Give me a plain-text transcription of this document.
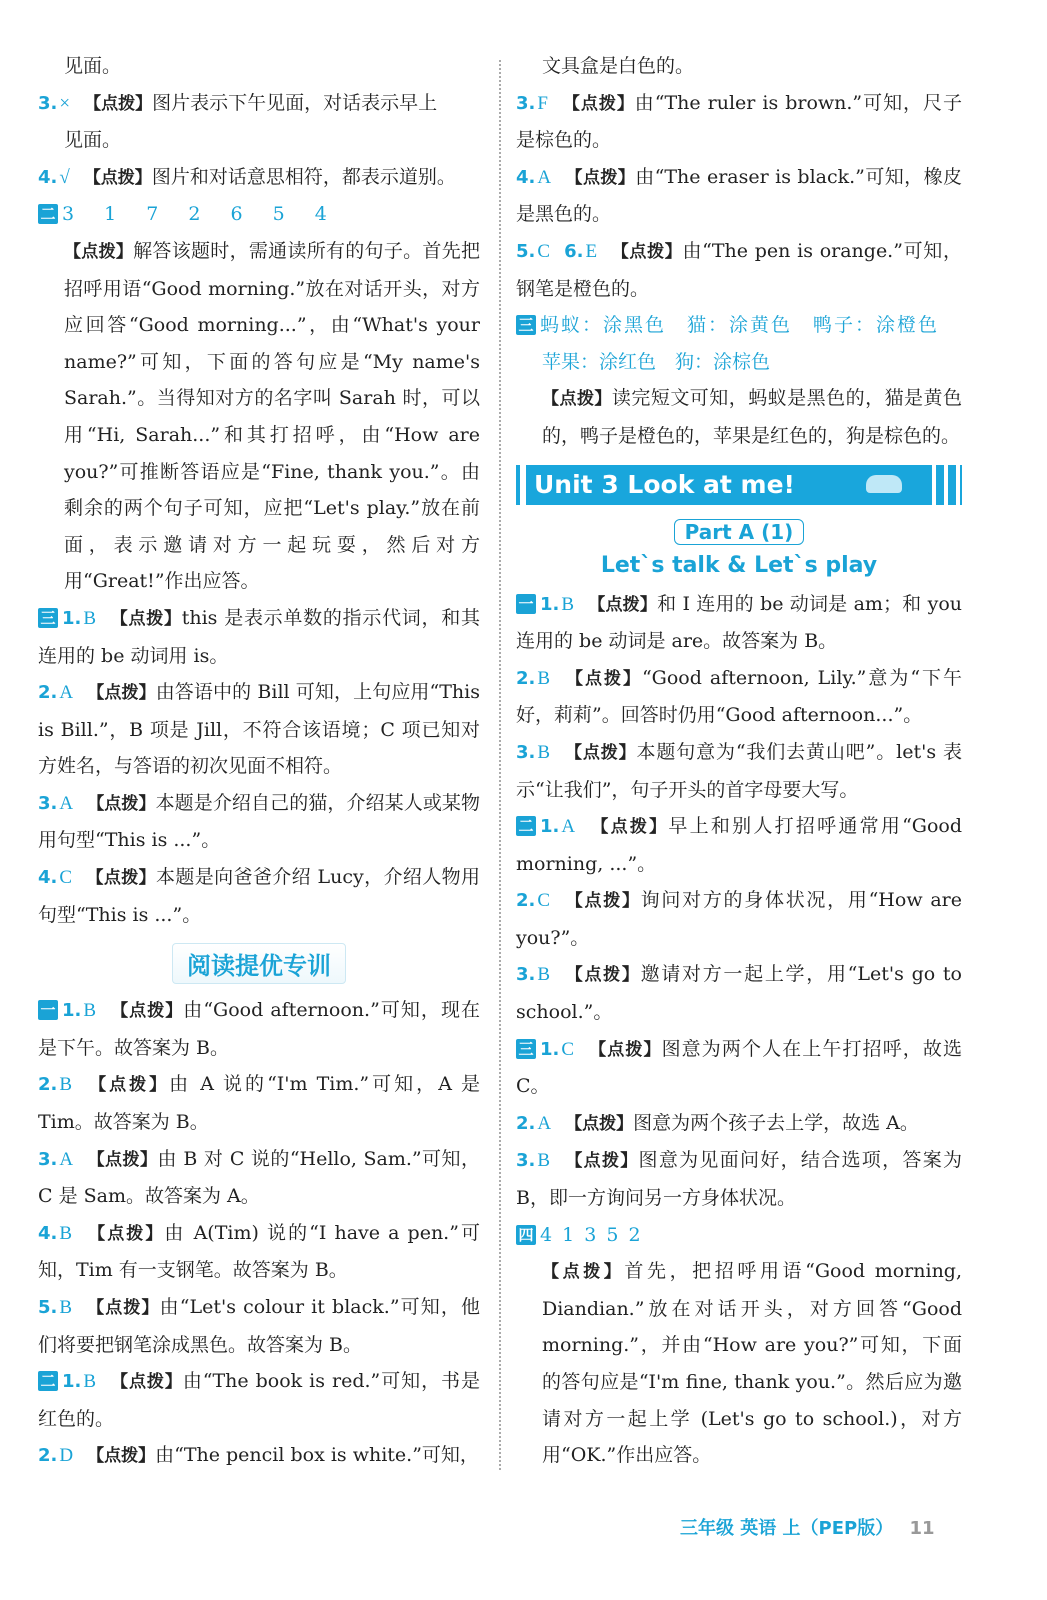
见面。

3. × 【点拨】图片表示下午见面，对话表示早上

见面。

4. √ 【点拨】图片和对话意思相符，都表示道别。

二 3 1 7 2 6 5 4

【点拨】解答该题时，需通读所有的句子。首先把招呼用语“Good morning.”放在对话开头，对方应回答“Good morning...”，由“What's your name?”可知，下面的答句应是“My name's Sarah.”。当得知对方的名字叫 Sarah 时，可以用“Hi, Sarah...”和其打招呼，由“How are you?”可推断答语应是“Fine, thank you.”。由剩余的两个句子可知，应把“Let's play.”放在前面，表示邀请对方一起玩耍，然后对方用“Great!”作出应答。

三 1. B 【点拨】this 是表示单数的指示代词，和其连用的 be 动词用 is。

2. A 【点拨】由答语中的 Bill 可知，上句应用“This is Bill.”，B 项是 Jill，不符合该语境；C 项已知对方姓名，与答语的初次见面不相符。

3. A 【点拨】本题是介绍自己的猫，介绍某人或某物用句型“This is ...”。

4. C 【点拨】本题是向爸爸介绍 Lucy，介绍人物用句型“This is ...”。

阅读提优专训

一 1. B 【点拨】由“Good afternoon.”可知，现在是下午。故答案为 B。

2. B 【点拨】由 A 说的“I'm Tim.”可知，A 是 Tim。故答案为 B。

3. A 【点拨】由 B 对 C 说的“Hello, Sam.”可知，C 是 Sam。故答案为 A。

4. B 【点拨】由 A(Tim) 说的“I have a pen.”可知，Tim 有一支钢笔。故答案为 B。

5. B 【点拨】由“Let's colour it black.”可知，他们将要把钢笔涂成黑色。故答案为 B。

二 1. B 【点拨】由“The book is red.”可知，书是红色的。

2. D 【点拨】由“The pencil box is white.”可知，

文具盒是白色的。

3. F 【点拨】由“The ruler is brown.”可知，尺子是棕色的。

4. A 【点拨】由“The eraser is black.”可知，橡皮是黑色的。

5. C 6. E 【点拨】由“The pen is orange.”可知，钢笔是橙色的。

三 蚂蚁：涂黑色　猫：涂黄色　鸭子：涂橙色

苹果：涂红色　狗：涂棕色

【点拨】读完短文可知，蚂蚁是黑色的，猫是黄色的，鸭子是橙色的，苹果是红色的，狗是棕色的。

Unit 3 Look at me!
Part A (1)
Let`s talk & Let`s play

一 1. B 【点拨】和 I 连用的 be 动词是 am；和 you 连用的 be 动词是 are。故答案为 B。

2. B 【点拨】“Good afternoon, Lily.”意为“下午好，莉莉”。回答时仍用“Good afternoon...”。

3. B 【点拨】本题句意为“我们去黄山吧”。let's 表示“让我们”，句子开头的首字母要大写。

二 1. A 【点拨】早上和别人打招呼通常用“Good morning, ...”。

2. C 【点拨】询问对方的身体状况，用“How are you?”。

3. B 【点拨】邀请对方一起上学，用“Let's go to school.”。

三 1. C 【点拨】图意为两个人在上午打招呼，故选 C。

2. A 【点拨】图意为两个孩子去上学，故选 A。

3. B 【点拨】图意为见面问好，结合选项，答案为 B，即一方询问另一方身体状况。

四 4 1 3 5 2

【点拨】首先，把招呼用语“Good morning, Diandian.”放在对话开头，对方回答“Good morning.”，并由“How are you?”可知，下面的答句应是“I'm fine, thank you.”。然后应为邀请对方一起上学 (Let's go to school.)，对方用“OK.”作出应答。

三年级 英语 上（PEP版） 11
